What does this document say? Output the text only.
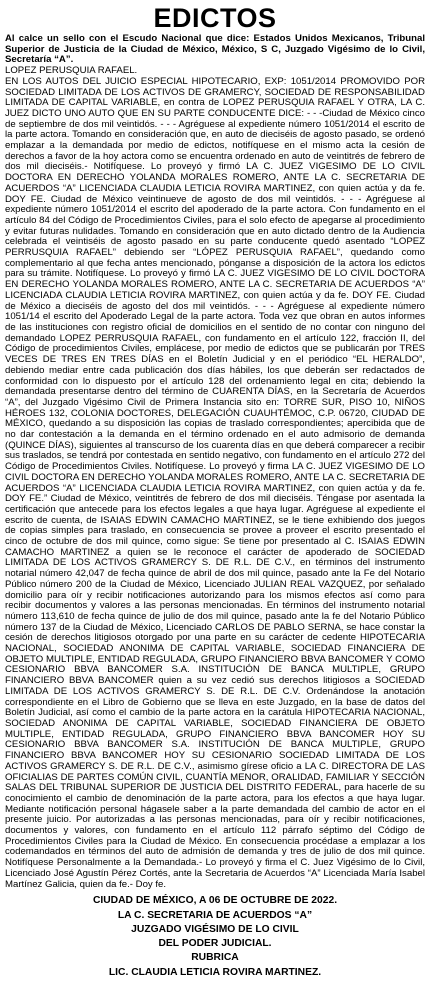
EDICTOS

Al calce un sello con el Escudo Nacional que dice: Estados Unidos Mexicanos, Tribunal Superior de Justicia de la Ciudad de México, México, S C, Juzgado Vigésimo de lo Civil, Secretaría “A”.

LOPEZ PERUSQUIA RAFAEL.

EN LOS AUTOS DEL JUICIO ESPECIAL HIPOTECARIO, EXP: 1051/2014 PROMOVIDO POR SOCIEDAD LIMITADA DE LOS ACTIVOS DE GRAMERCY, SOCIEDAD DE RESPONSABILIDAD LIMITADA DE CAPITAL VARIABLE, en contra de LOPEZ PERUSQUIA RAFAEL Y OTRA, LA C. JUEZ DICTO UNO AUTO QUE EN SU PARTE CONDUCENTE DICE: - - -Ciudad de México cinco de septiembre de dos mil veintidós. - - - Agréguese al expediente número 1051/2014 el escrito de la parte actora. Tomando en consideración que, en auto de dieciséis de agosto pasado, se ordenó emplazar a la demandada por medio de edictos, notifíquese en el mismo acta la cesión de derechos a favor de la hoy actora como se encuentra ordenado en auto de veintitrés de febrero de dos mil dieciséis.- Notifíquese. Lo proveyó y firmó LA C. JUEZ VIGESIMO DE LO CIVIL DOCTORA EN DERECHO YOLANDA MORALES ROMERO, ANTE LA C. SECRETARIA DE ACUERDOS “A” LICENCIADA CLAUDIA LETICIA ROVIRA MARTINEZ, con quien actúa y da fe. DOY FE. Ciudad de México veintinueve de agosto de dos mil veintidós. - - - Agréguese al expediente número 1051/2014 el escrito del apoderado de la parte actora. Con fundamento en el artículo 84 del Código de Procedimientos Civiles, para el solo efecto de apegarse al procedimiento y evitar futuras nulidades. Tomando en consideración que en auto dictado dentro de la Audiencia celebrada el veintiséis de agosto pasado en su parte conducente quedó asentado “LOPEZ PERRUSQUIA RAFAEL” debiendo ser “LÓPEZ PERUSQUIA RAFAEL”, quedando como complementario al que fecha antes mencionado, pónganse a disposición de la actora los edictos para su trámite. Notifíquese. Lo proveyó y firmó LA C. JUEZ VIGESIMO DE LO CIVIL DOCTORA EN DERECHO YOLANDA MORALES ROMERO, ANTE LA C. SECRETARIA DE ACUERDOS “A” LICENCIADA CLAUDIA LETICIA ROVIRA MARTINEZ, con quien actúa y da fe. DOY FE. Ciudad de México a dieciséis de agosto del dos mil veintidós. - - - Agréguese al expediente número 1051/14 el escrito del Apoderado Legal de la parte actora. Toda vez que obran en autos informes de las instituciones con registro oficial de domicilios en el sentido de no contar con ninguno del demandado LOPEZ PERRUSQUIA RAFAEL, con fundamento en el artículo 122, fracción II, del Código de procedimientos Civiles, emplácese, por medio de edictos que se publicarán por TRES VECES DE TRES EN TRES DÍAS en el Boletín Judicial y en el periódico “EL HERALDO”, debiendo mediar entre cada publicación dos días hábiles, los que deberán ser redactados de conformidad con lo dispuesto por el artículo 128 del ordenamiento legal en cita; debiendo la demandada presentarse dentro del término de CUARENTA DÍAS, en la Secretaría de Acuerdos “A”, del Juzgado Vigésimo Civil de Primera Instancia sito en: TORRE SUR, PISO 10, NIÑOS HÉROES 132, COLONIA DOCTORES, DELEGACIÓN CUAUHTÉMOC, C.P. 06720, CIUDAD DE MÉXICO, quedando a su disposición las copias de traslado correspondientes; apercibida que de no dar contestación a la demanda en el término ordenado en el auto admisorio de demanda (QUINCE DÍAS), siguientes al transcurso de los cuarenta días en que deberá comparecer a recibir sus traslados, se tendrá por contestada en sentido negativo, con fundamento en el artículo 272 del Código de Procedimientos Civiles. Notifíquese. Lo proveyó y firma LA C. JUEZ VIGESIMO DE LO CIVIL DOCTORA EN DERECHO YOLANDA MORALES ROMERO, ANTE LA C. SECRETARIA DE ACUERDOS “A” LICENCIADA CLAUDIA LETICIA ROVIRA MARTINEZ, con quien actúa y da fe. DOY FE.” Ciudad de México, veintitrés de febrero de dos mil dieciséis. Téngase por asentada la certificación que antecede para los efectos legales a que haya lugar. Agréguese al expediente el escrito de cuenta, de ISAIAS EDWIN CAMACHO MARTINEZ, se le tiene exhibiendo dos juegos de copias simples para traslado, en consecuencia se provee a proveer el escrito presentado el cinco de octubre de dos mil quince, como sigue: Se tiene por presentado al C. ISAIAS EDWIN CAMACHO MARTINEZ a quien se le reconoce el carácter de apoderado de SOCIEDAD LIMITADA DE LOS ACTIVOS GRAMERCY S. DE R.L. DE C.V., en términos del instrumento notarial número 42,047 de fecha quince de abril de dos mil quince, pasado ante la Fe del Notario Público número 200 de la Ciudad de México, Licenciado JULIAN REAL VAZQUEZ, por señalado domicilio para oír y recibir notificaciones autorizando para los mismos efectos así como para recibir documentos y valores a las personas mencionadas. En términos del instrumento notarial número 113,610 de fecha quince de julio de dos mil quince, pasado ante la fe del Notario Público número 137 de la Ciudad de México, Licenciado CARLOS DE PABLO SERNA, se hace constar la cesión de derechos litigiosos otorgado por una parte en su carácter de cedente HIPOTECARIA NACIONAL, SOCIEDAD ANONIMA DE CAPITAL VARIABLE, SOCIEDAD FINANCIERA DE OBJETO MULTIPLE, ENTIDAD REGULADA, GRUPO FINANCIERO BBVA BANCOMER Y COMO CESIONARIO BBVA BANCOMER S.A. INSTITUCIÓN DE BANCA MULTIPLE, GRUPO FINANCIERO BBVA BANCOMER quien a su vez cedió sus derechos litigiosos a SOCIEDAD LIMITADA DE LOS ACTIVOS GRAMERCY S. DE R.L. DE C.V. Ordenándose la anotación correspondiente en el Libro de Gobierno que se lleva en este Juzgado, en la base de datos del Boletín Judicial, así como el cambio de la parte actora en la carátula HIPOTECARIA NACIONAL, SOCIEDAD ANONIMA DE CAPITAL VARIABLE, SOCIEDAD FINANCIERA DE OBJETO MULTIPLE, ENTIDAD REGULADA, GRUPO FINANCIERO BBVA BANCOMER HOY SU CESIONARIO BBVA BANCOMER S.A. INSTITUCIÓN DE BANCA MULTIPLE, GRUPO FINANCIERO BBVA BANCOMER HOY SU CESIONARIO SOCIEDAD LIMITADA DE LOS ACTIVOS GRAMERCY S. DE R.L. DE C.V., asimismo gírese oficio a LA C. DIRECTORA DE LAS OFICIALIAS DE PARTES COMÚN CIVIL, CUANTÍA MENOR, ORALIDAD, FAMILIAR Y SECCIÓN SALAS DEL TRIBUNAL SUPERIOR DE JUSTICIA DEL DISTRITO FEDERAL, para hacerle de su conocimiento el cambio de denominación de la parte actora, para los efectos a que haya lugar. Mediante notificación personal hágasele saber a la parte demandada del cambio de actor en el presente juicio. Por autorizadas a las personas mencionadas, para oír y recibir notificaciones, documentos y valores, con fundamento en el artículo 112 párrafo séptimo del Código de Procedimientos Civiles para la Ciudad de México. En consecuencia procédase a emplazar a los codemandados en términos del auto de admisión de demanda y tres de julio de dos mil quince. Notifíquese Personalmente a la Demandada.- Lo proveyó y firma el C. Juez Vigésimo de lo Civil, Licenciado José Agustín Pérez Cortés, ante la Secretaria de Acuerdos “A” Licenciada María Isabel Martínez Galicia, quien da fe.- Doy fe.

CIUDAD DE MÉXICO, A 06 DE OCTUBRE DE 2022.
LA C. SECRETARIA DE ACUERDOS “A”
JUZGADO VIGÉSIMO DE LO CIVIL
DEL PODER JUDICIAL.
RUBRICA
LIC. CLAUDIA LETICIA ROVIRA MARTINEZ.
